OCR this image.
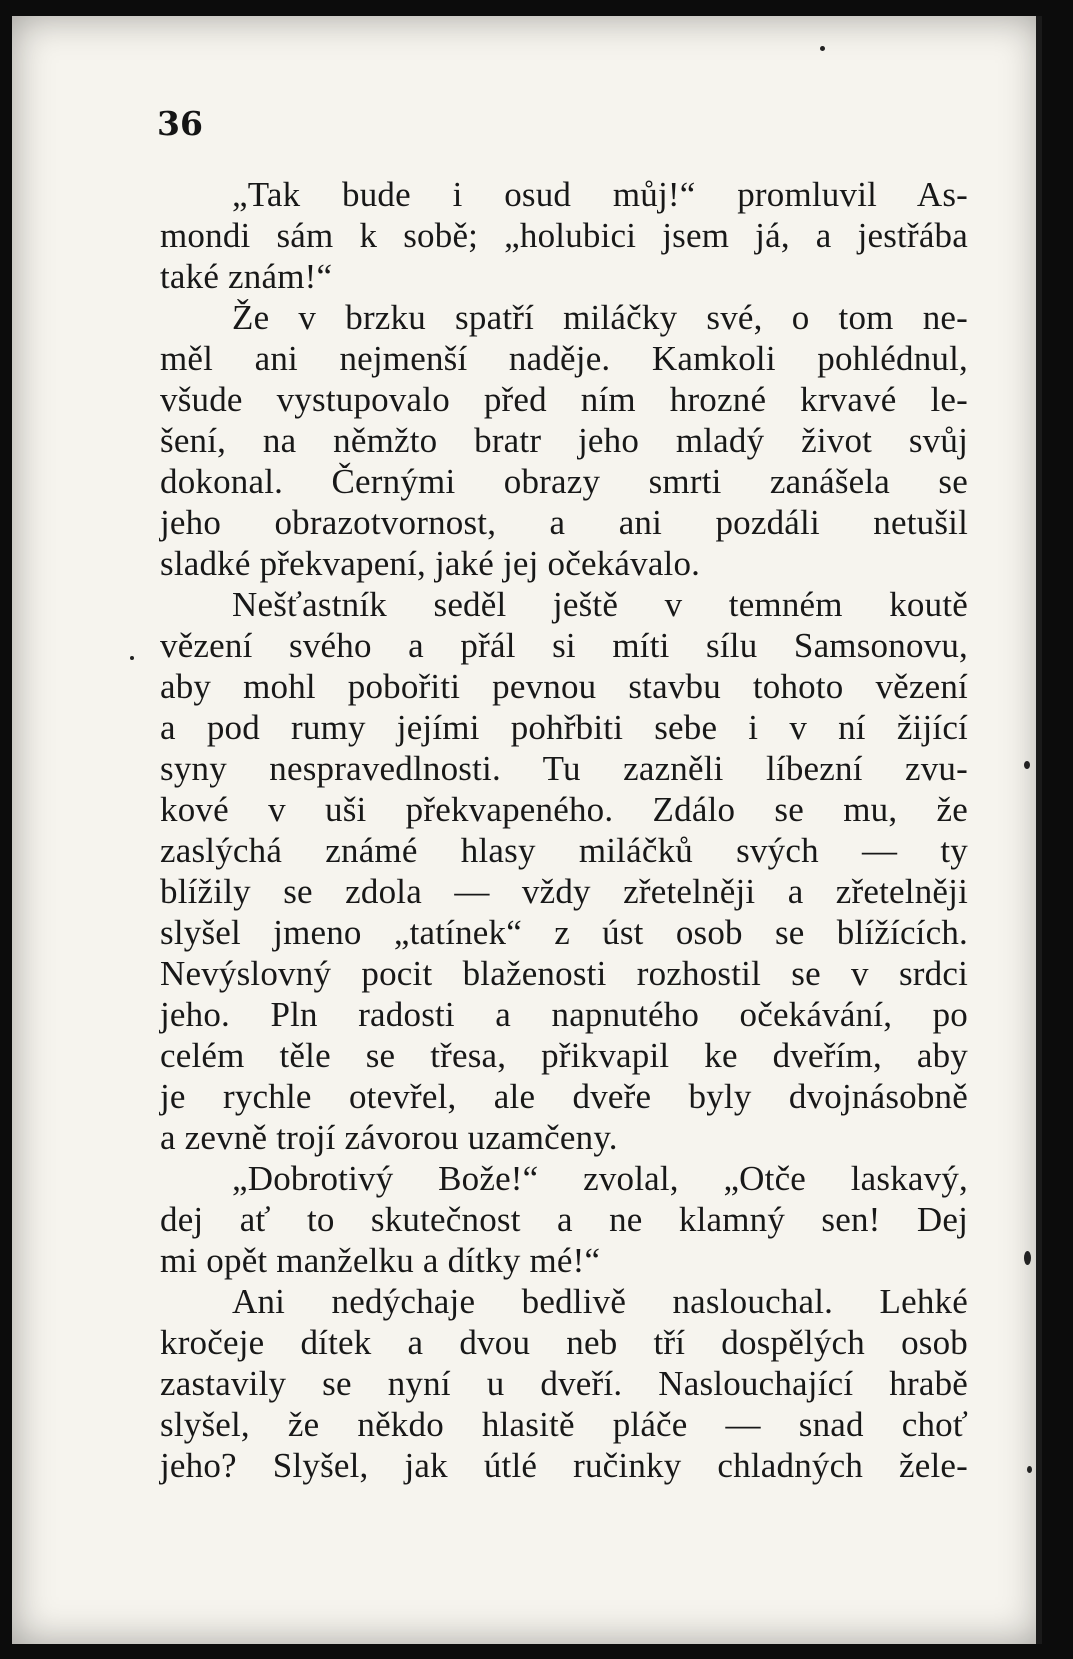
36

„Tak bude i osud můj!“ promluvil As-
mondi sám k sobě; „holubici jsem já, a jestřába
také znám!“
Že v brzku spatří miláčky své, o tom ne-
měl ani nejmenší naděje. Kamkoli pohlédnul,
všude vystupovalo před ním hrozné krvavé le-
šení, na němžto bratr jeho mladý život svůj
dokonal. Černými obrazy smrti zanášela se
jeho obrazotvornost, a ani pozdáli netušil
sladké překvapení, jaké jej očekávalo.
Nešťastník seděl ještě v temném koutě
vězení svého a přál si míti sílu Samsonovu,
aby mohl pobořiti pevnou stavbu tohoto vězení
a pod rumy jejími pohřbiti sebe i v ní žijící
syny nespravedlnosti. Tu zazněli líbezní zvu-
kové v uši překvapeného. Zdálo se mu, že
zaslýchá známé hlasy miláčků svých — ty
blížily se zdola — vždy zřetelněji a zřetelněji
slyšel jmeno „tatínek“ z úst osob se blížících.
Nevýslovný pocit blaženosti rozhostil se v srdci
jeho. Pln radosti a napnutého očekávání, po
celém těle se třesa, přikvapil ke dveřím, aby
je rychle otevřel, ale dveře byly dvojnásobně
a zevně trojí závorou uzamčeny.
„Dobrotivý Bože!“ zvolal, „Otče laskavý,
dej ať to skutečnost a ne klamný sen! Dej
mi opět manželku a dítky mé!“
Ani nedýchaje bedlivě naslouchal. Lehké
kročeje dítek a dvou neb tří dospělých osob
zastavily se nyní u dveří. Naslouchající hrabě
slyšel, že někdo hlasitě pláče — snad choť
jeho? Slyšel, jak útlé ručinky chladných žele-
